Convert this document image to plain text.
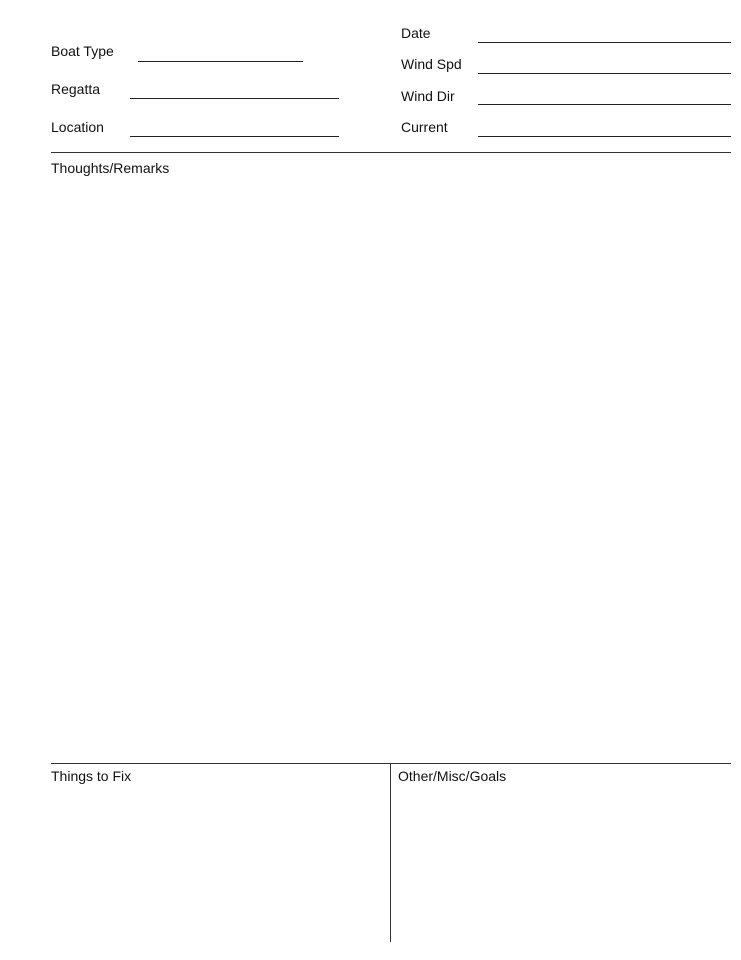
Boat Type
Regatta
Location
Date
Wind Spd
Wind Dir
Current
Thoughts/Remarks
Things to Fix	Other/Misc/Goals
